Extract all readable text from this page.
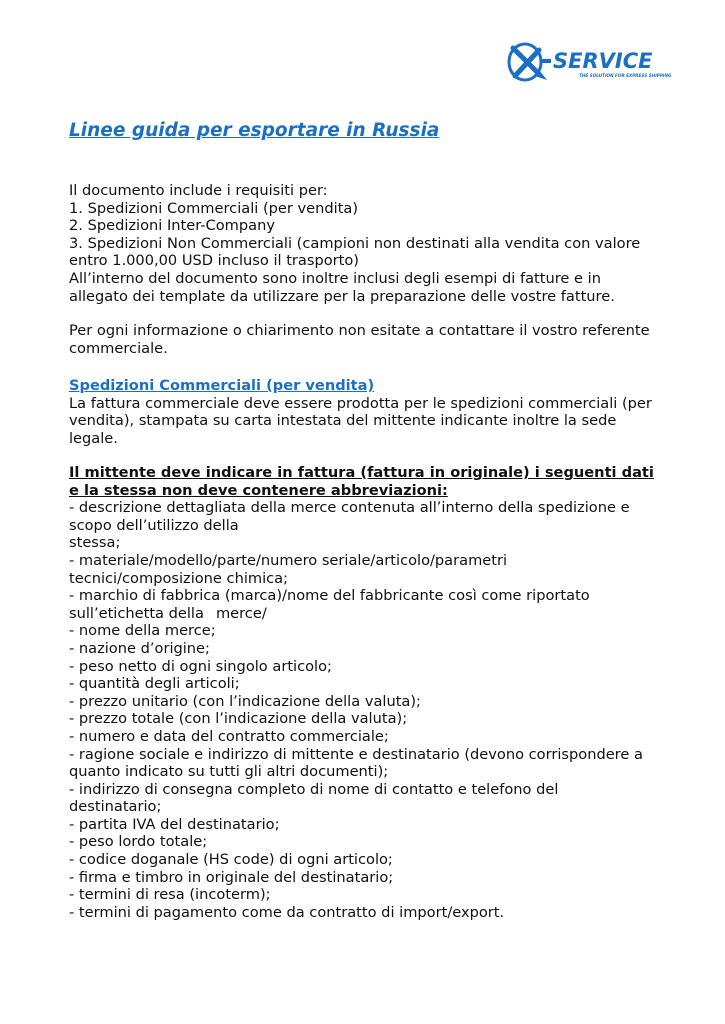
SERVICE
THE SOLUTION FOR EXPRESS SHIPPING
Linee guida per esportare in Russia

Il documento include i requisiti per:

1. Spedizioni Commerciali (per vendita)

2. Spedizioni Inter-Company

3. Spedizioni Non Commerciali (campioni non destinati alla vendita con valore

entro 1.000,00 USD incluso il trasporto)

All’interno del documento sono inoltre inclusi degli esempi di fatture e in

allegato dei template da utilizzare per la preparazione delle vostre fatture.

Per ogni informazione o chiarimento non esitate a contattare il vostro referente

commerciale.

Spedizioni Commerciali (per vendita)

La fattura commerciale deve essere prodotta per le spedizioni commerciali (per

vendita), stampata su carta intestata del mittente indicante inoltre la sede

legale.

Il mittente deve indicare in fattura (fattura in originale) i seguenti dati

e la stessa non deve contenere abbreviazioni:

- descrizione dettagliata della merce contenuta all’interno della spedizione e

scopo dell’utilizzo della

stessa;

- materiale/modello/parte/numero seriale/articolo/parametri

tecnici/composizione chimica;

- marchio di fabbrica (marca)/nome del fabbricante così come riportato

sull’etichetta della merce/

- nome della merce;

- nazione d’origine;

- peso netto di ogni singolo articolo;

- quantità degli articoli;

- prezzo unitario (con l’indicazione della valuta);

- prezzo totale (con l’indicazione della valuta);

- numero e data del contratto commerciale;

- ragione sociale e indirizzo di mittente e destinatario (devono corrispondere a

quanto indicato su tutti gli altri documenti);

- indirizzo di consegna completo di nome di contatto e telefono del

destinatario;

- partita IVA del destinatario;

- peso lordo totale;

- codice doganale (HS code) di ogni articolo;

- firma e timbro in originale del destinatario;

- termini di resa (incoterm);

- termini di pagamento come da contratto di import/export.
